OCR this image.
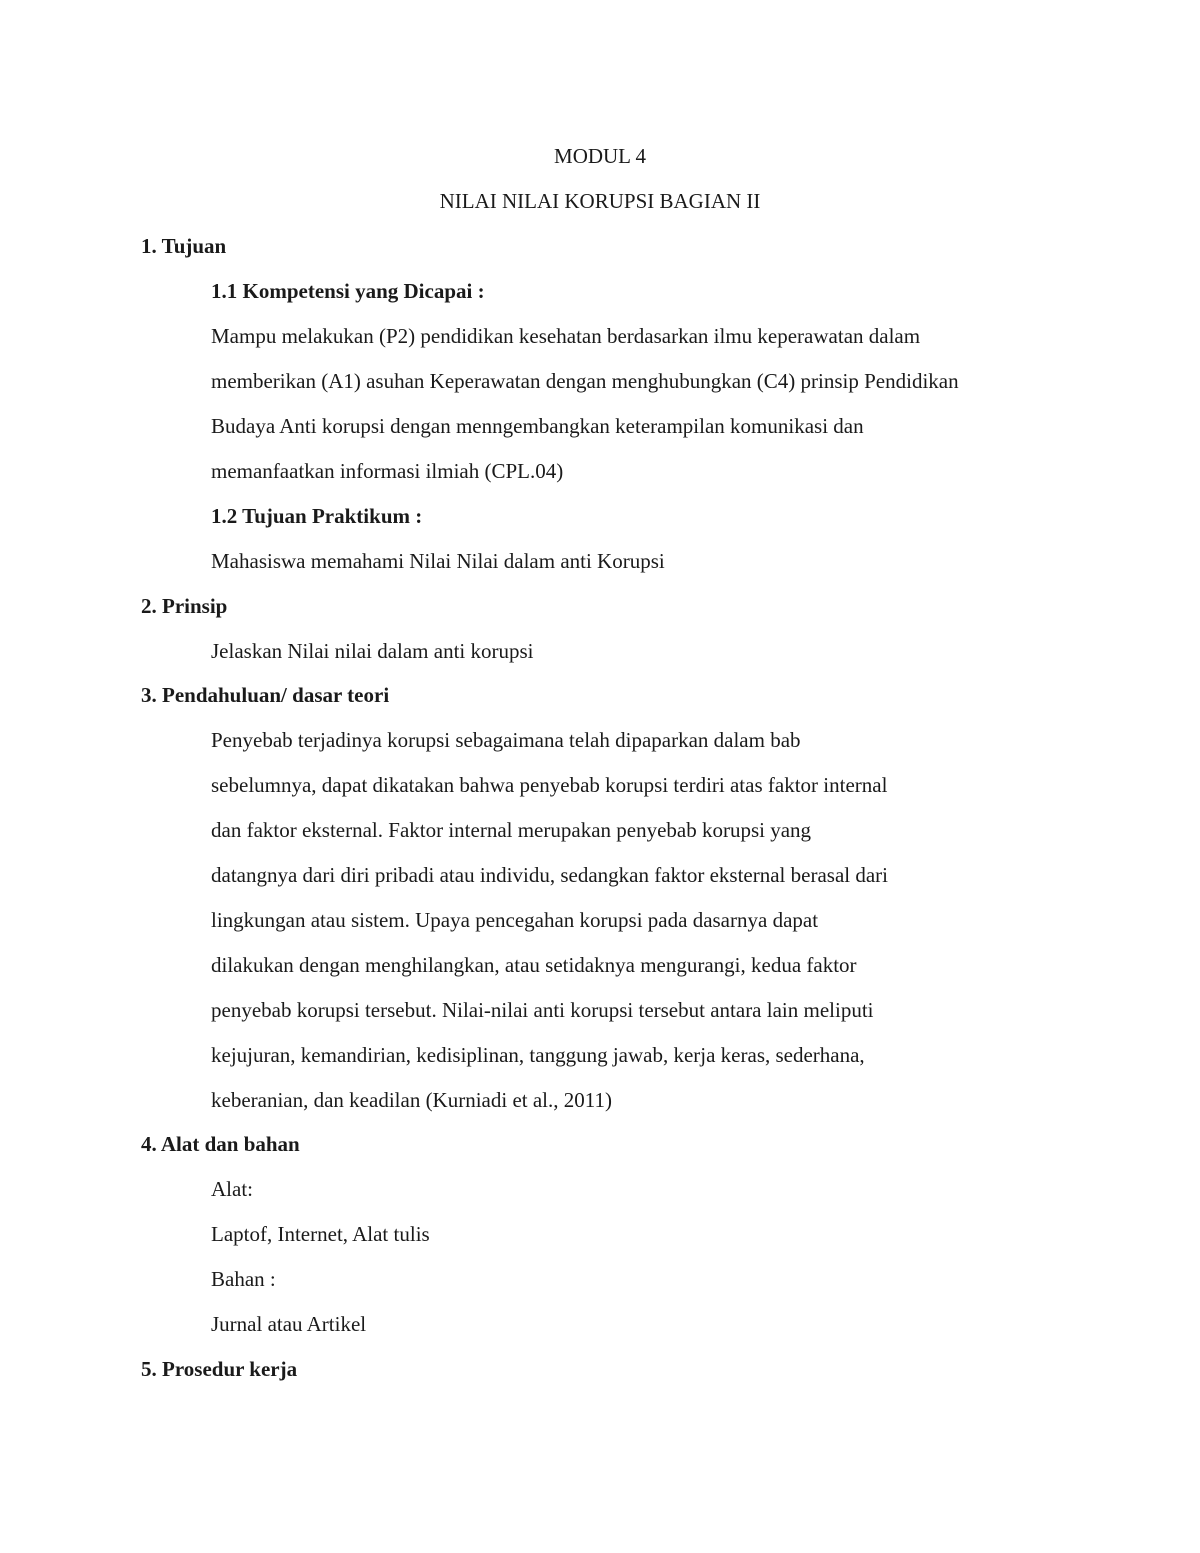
MODUL 4
NILAI NILAI KORUPSI BAGIAN II
1. Tujuan
1.1 Kompetensi yang Dicapai :
Mampu melakukan (P2) pendidikan kesehatan berdasarkan ilmu keperawatan dalam
memberikan (A1) asuhan Keperawatan dengan menghubungkan (C4) prinsip Pendidikan
Budaya Anti korupsi dengan menngembangkan keterampilan komunikasi dan
memanfaatkan informasi ilmiah (CPL.04)
1.2 Tujuan Praktikum :
Mahasiswa memahami Nilai Nilai dalam anti Korupsi
2. Prinsip
Jelaskan Nilai nilai dalam anti korupsi
3. Pendahuluan/ dasar teori
Penyebab terjadinya korupsi sebagaimana telah dipaparkan dalam bab
sebelumnya, dapat dikatakan bahwa penyebab korupsi terdiri atas faktor internal
dan faktor eksternal. Faktor internal merupakan penyebab korupsi yang
datangnya dari diri pribadi atau individu, sedangkan faktor eksternal berasal dari
lingkungan atau sistem. Upaya pencegahan korupsi pada dasarnya dapat
dilakukan dengan menghilangkan, atau setidaknya mengurangi, kedua faktor
penyebab korupsi tersebut. Nilai-nilai anti korupsi tersebut antara lain meliputi
kejujuran, kemandirian, kedisiplinan, tanggung jawab, kerja keras, sederhana,
keberanian, dan keadilan (Kurniadi et al., 2011)
4. Alat dan bahan
Alat:
Laptof, Internet, Alat tulis
Bahan :
Jurnal atau Artikel
5. Prosedur kerja
